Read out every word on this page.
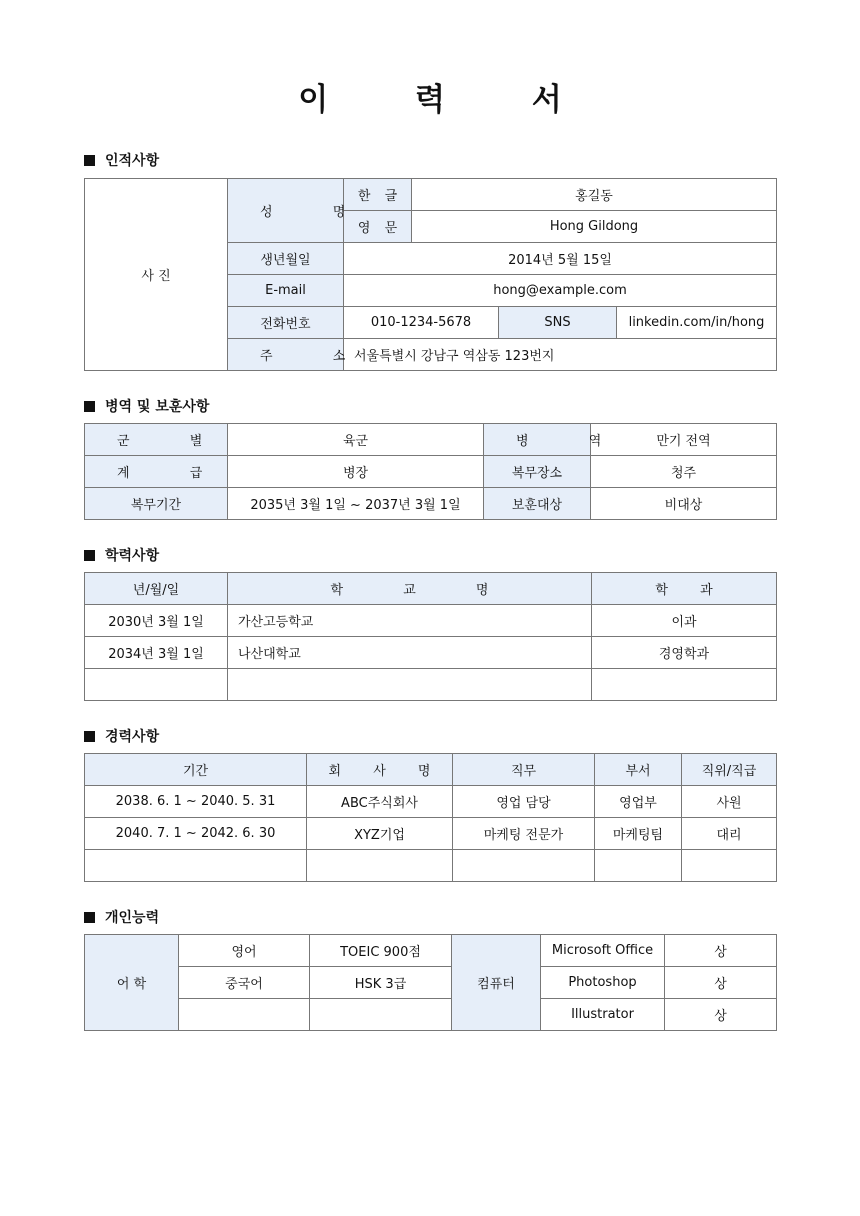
이 력 서
인적사항
사 진	성 명	한 글	홍길동		
		영 문	Hong Gildong		
	생년월일	2014년 5월 15일			
	E-mail	hong@example.com			
	전화번호	010-1234-5678		SNS	linkedin.com/in/hong
	주 소	서울특별시 강남구 역삼동 123번지			
병역 및 보훈사항
군 별	육군	병 역	만기 전역
계 급	병장	복무장소	청주
복무기간	2035년 3월 1일 ~ 2037년 3월 1일	보훈대상	비대상
학력사항
년/월/일	학 교 명	학 과
2030년 3월 1일	가산고등학교	이과
2034년 3월 1일	나산대학교	경영학과

경력사항
기간	회 사 명	직무	부서	직위/직급
2038. 6. 1 ~ 2040. 5. 31	ABC주식회사	영업 담당	영업부	사원
2040. 7. 1 ~ 2042. 6. 30	XYZ기업	마케팅 전문가	마케팅팀	대리

개인능력
어 학	영어	TOEIC 900점	컴퓨터	Microsoft Office	상
	중국어	HSK 3급		Photoshop	상
				Illustrator	상
